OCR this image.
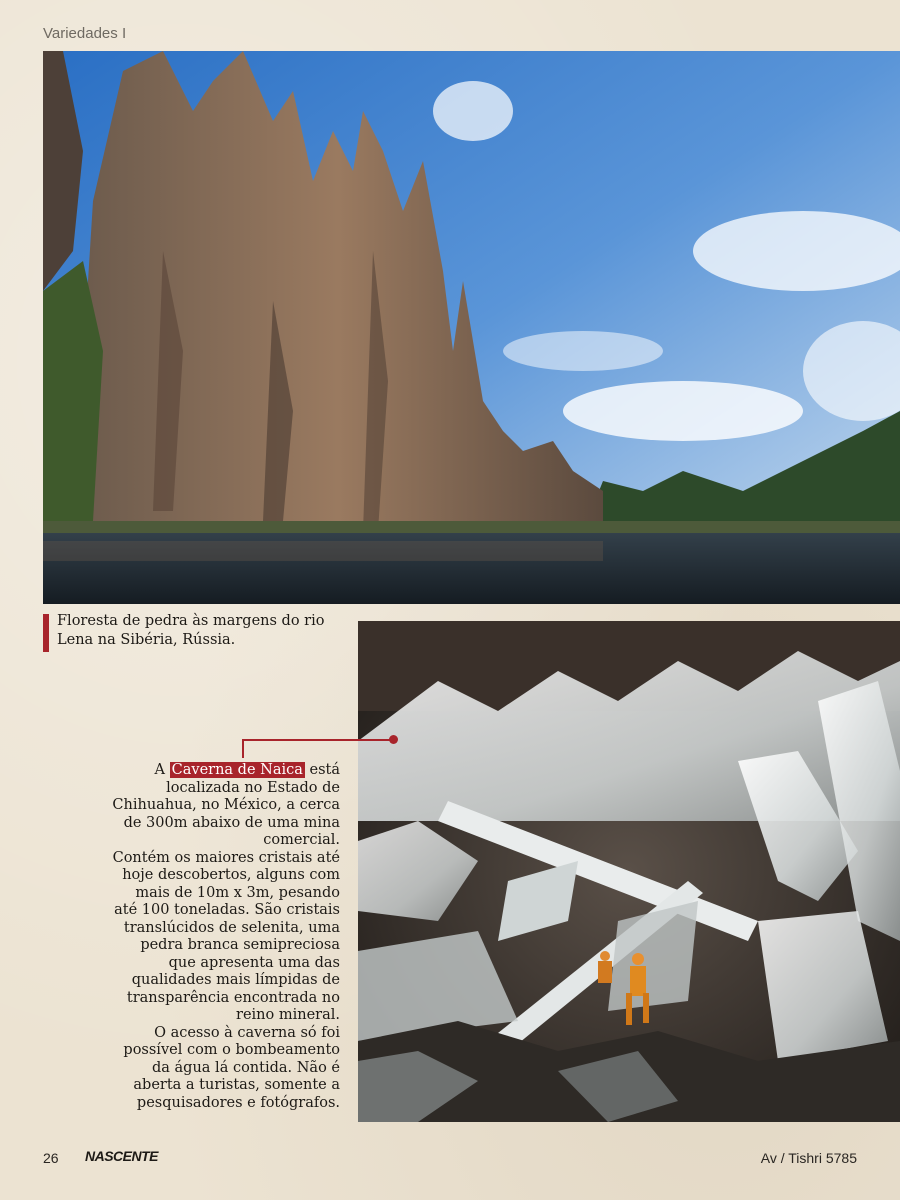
Variedades I
Floresta de pedra às margens do rio Lena na Sibéria, Rússia.

A Caverna de Naica está localizada no Estado de Chihuahua, no México, a cerca de 300m abaixo de uma mina comercial.

Contém os maiores cristais até hoje descobertos, alguns com mais de 10m x 3m, pesando até 100 toneladas. São cristais translúcidos de selenita, uma pedra branca semipreciosa que apresenta uma das qualidades mais límpidas de transparência encontrada no reino mineral.

O acesso à caverna só foi possível com o bombeamento da água lá contida. Não é aberta a turistas, somente a pesquisadores e fotógrafos.

26 NASCENTE	Av / Tishri 5785
